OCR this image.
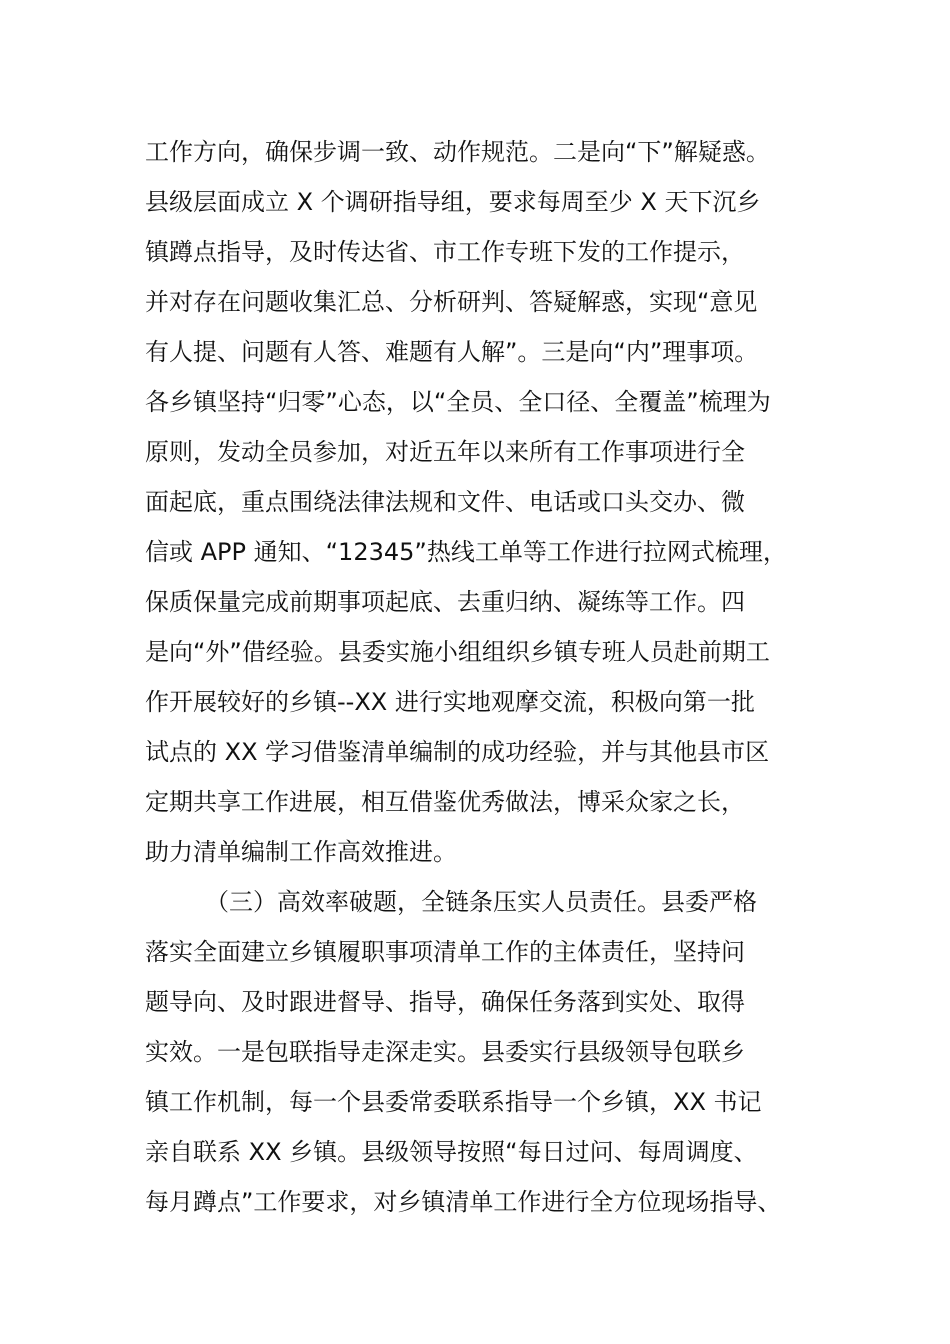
工作方向，确保步调一致、动作规范。二是向“下”解疑惑。
县级层面成立 X 个调研指导组，要求每周至少 X 天下沉乡
镇蹲点指导，及时传达省、市工作专班下发的工作提示，
并对存在问题收集汇总、分析研判、答疑解惑，实现“意见
有人提、问题有人答、难题有人解”。三是向“内”理事项。
各乡镇坚持“归零”心态，以“全员、全口径、全覆盖”梳理为
原则，发动全员参加，对近五年以来所有工作事项进行全
面起底，重点围绕法律法规和文件、电话或口头交办、微
信或 APP 通知、“12345”热线工单等工作进行拉网式梳理，
保质保量完成前期事项起底、去重归纳、凝练等工作。四
是向“外”借经验。县委实施小组组织乡镇专班人员赴前期工
作开展较好的乡镇--XX 进行实地观摩交流，积极向第一批
试点的 XX 学习借鉴清单编制的成功经验，并与其他县市区
定期共享工作进展，相互借鉴优秀做法，博采众家之长，
助力清单编制工作高效推进。
（三）高效率破题，全链条压实人员责任。县委严格
落实全面建立乡镇履职事项清单工作的主体责任，坚持问
题导向、及时跟进督导、指导，确保任务落到实处、取得
实效。一是包联指导走深走实。县委实行县级领导包联乡
镇工作机制，每一个县委常委联系指导一个乡镇，XX 书记
亲自联系 XX 乡镇。县级领导按照“每日过问、每周调度、
每月蹲点”工作要求，对乡镇清单工作进行全方位现场指导、
